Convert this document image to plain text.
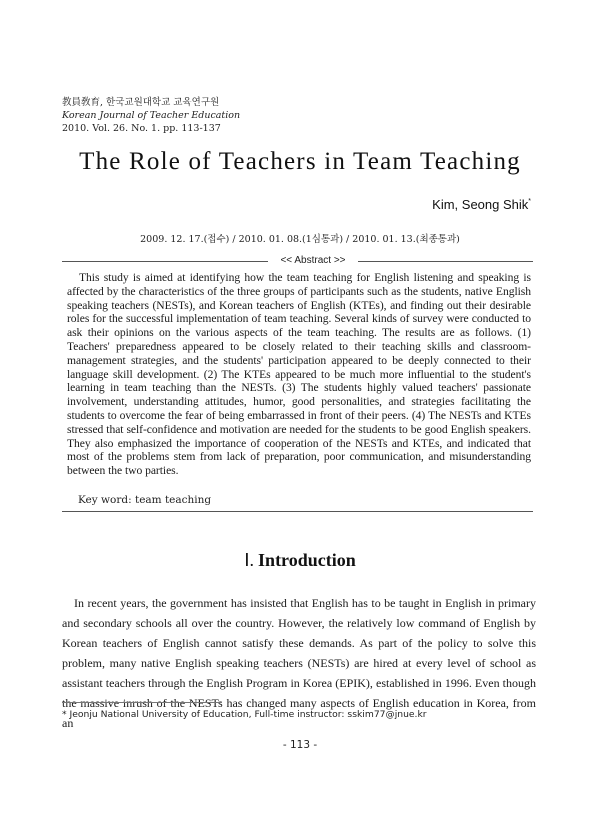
教員敎育, 한국교원대학교 교육연구원
Korean Journal of Teacher Education
2010. Vol. 26. No. 1. pp. 113-137
The Role of Teachers in Team Teaching
Kim, Seong Shik*
2009. 12. 17.(접수) / 2010. 01. 08.(1심통과) / 2010. 01. 13.(최종통과)
<< Abstract >>

This study is aimed at identifying how the team teaching for English listening and speaking is affected by the characteristics of the three groups of participants such as the students, native English speaking teachers (NESTs), and Korean teachers of English (KTEs), and finding out their desirable roles for the successful implementation of team teaching. Several kinds of survey were conducted to ask their opinions on the various aspects of the team teaching. The results are as follows. (1) Teachers' preparedness appeared to be closely related to their teaching skills and classroom-management strategies, and the students' participation appeared to be deeply connected to their language skill development. (2) The KTEs appeared to be much more influential to the student's learning in team teaching than the NESTs. (3) The students highly valued teachers' passionate involvement, understanding attitudes, humor, good personalities, and strategies facilitating the students to overcome the fear of being embarrassed in front of their peers. (4) The NESTs and KTEs stressed that self-confidence and motivation are needed for the students to be good English speakers. They also emphasized the importance of cooperation of the NESTs and KTEs, and indicated that most of the problems stem from lack of preparation, poor communication, and misunderstanding between the two parties.

Key word: team teaching
Ⅰ. Introduction

In recent years, the government has insisted that English has to be taught in English in primary and secondary schools all over the country. However, the relatively low command of English by Korean teachers of English cannot satisfy these demands. As part of the policy to solve this problem, many native English speaking teachers (NESTs) are hired at every level of school as assistant teachers through the English Program in Korea (EPIK), established in 1996. Even though the massive inrush of the NESTs has changed many aspects of English education in Korea, from an

* Jeonju National University of Education, Full-time instructor: sskim77@jnue.kr
- 113 -
